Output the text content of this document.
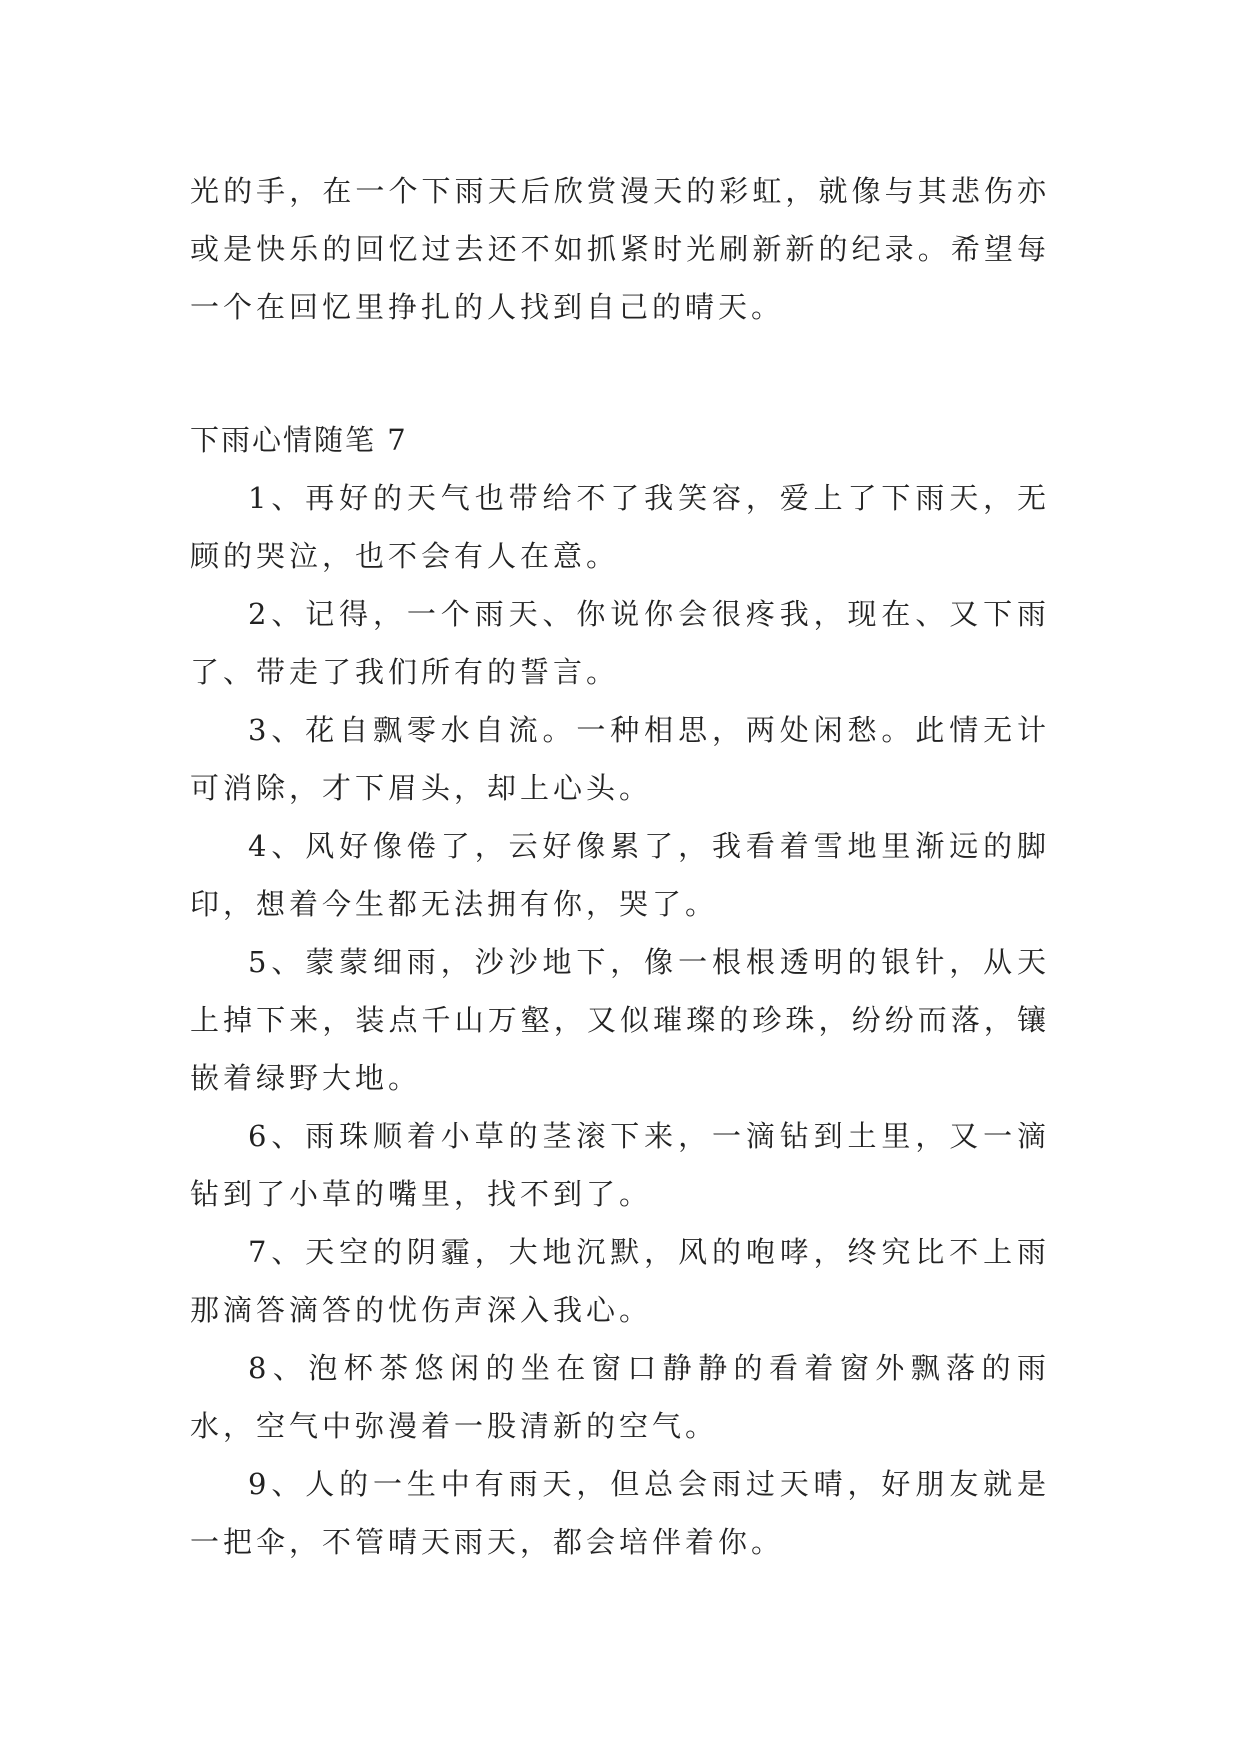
光的手，在一个下雨天后欣赏漫天的彩虹，就像与其悲伤亦或是快乐的回忆过去还不如抓紧时光刷新新的纪录。希望每一个在回忆里挣扎的人找到自己的晴天。

下雨心情随笔 7

1、再好的天气也带给不了我笑容，爱上了下雨天，无顾的哭泣，也不会有人在意。

2、记得，一个雨天、你说你会很疼我，现在、又下雨了、带走了我们所有的誓言。

3、花自飘零水自流。一种相思，两处闲愁。此情无计可消除，才下眉头，却上心头。

4、风好像倦了，云好像累了，我看着雪地里渐远的脚印，想着今生都无法拥有你，哭了。

5、蒙蒙细雨，沙沙地下，像一根根透明的银针，从天上掉下来，装点千山万壑，又似璀璨的珍珠，纷纷而落，镶嵌着绿野大地。

6、雨珠顺着小草的茎滚下来，一滴钻到土里，又一滴钻到了小草的嘴里，找不到了。

7、天空的阴霾，大地沉默，风的咆哮，终究比不上雨那滴答滴答的忧伤声深入我心。

8、泡杯茶悠闲的坐在窗口静静的看着窗外飘落的雨水，空气中弥漫着一股清新的空气。

9、人的一生中有雨天，但总会雨过天晴，好朋友就是一把伞，不管晴天雨天，都会培伴着你。
